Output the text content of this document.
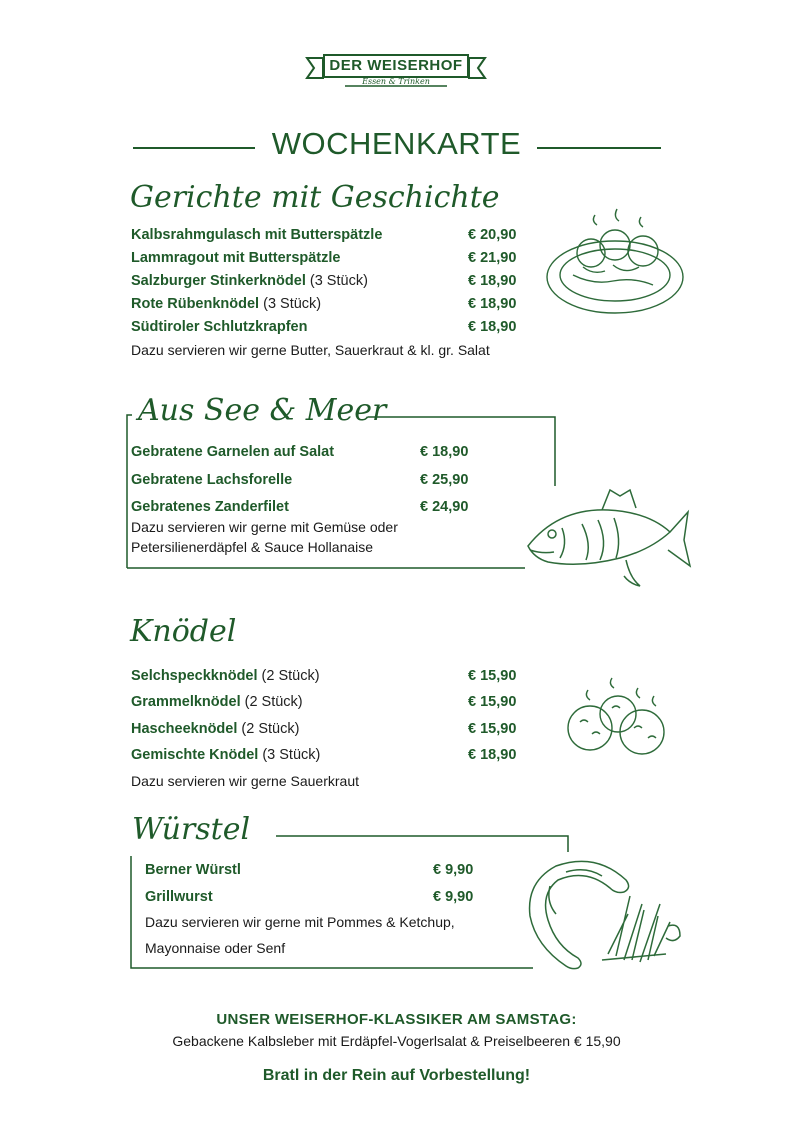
DER WEISERHOF
Essen & Trinken
WOCHENKARTE
Gerichte mit Geschichte
Kalbsrahmgulasch mit Butterspätzle	€ 20,90
Lammragout mit Butterspätzle	€ 21,90
Salzburger Stinkerknödel (3 Stück)	€ 18,90
Rote Rübenknödel (3 Stück)	€ 18,90
Südtiroler Schlutzkrapfen	€ 18,90
Dazu servieren wir gerne Butter, Sauerkraut & kl. gr. Salat
Aus See & Meer
Gebratene Garnelen auf Salat	€ 18,90
Gebratene Lachsforelle	€ 25,90
Gebratenes Zanderfilet	€ 24,90
Dazu servieren wir gerne mit Gemüse oder
Petersilienerdäpfel & Sauce Hollanaise
Knödel
Selchspeckknödel (2 Stück)	€ 15,90
Grammelknödel (2 Stück)	€ 15,90
Hascheeknödel (2 Stück)	€ 15,90
Gemischte Knödel (3 Stück)	€ 18,90
Dazu servieren wir gerne Sauerkraut
Würstel
Berner Würstl	€ 9,90
Grillwurst	€ 9,90
Dazu servieren wir gerne mit Pommes & Ketchup,
Mayonnaise oder Senf
UNSER WEISERHOF-KLASSIKER AM SAMSTAG:
Gebackene Kalbsleber mit Erdäpfel-Vogerlsalat & Preiselbeeren € 15,90
Bratl in der Rein auf Vorbestellung!
